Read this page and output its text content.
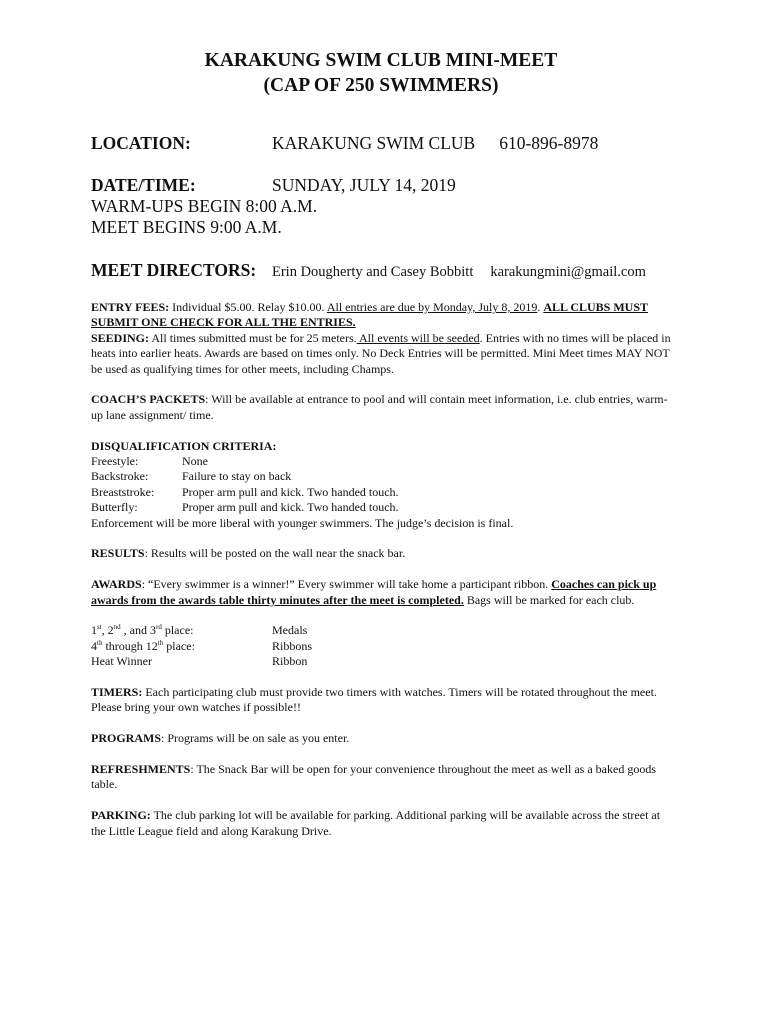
KARAKUNG SWIM CLUB MINI-MEET
(CAP OF 250 SWIMMERS)
LOCATION:	KARAKUNG SWIM CLUB 610-896-8978
DATE/TIME:	SUNDAY, JULY 14, 2019
WARM-UPS BEGIN 8:00 A.M.
MEET BEGINS 9:00 A.M.
MEET DIRECTORS:	Erin Dougherty and Casey Bobbitt karakungmini@gmail.com
ENTRY FEES: Individual $5.00. Relay $10.00. All entries are due by Monday, July 8, 2019. ALL CLUBS MUST SUBMIT ONE CHECK FOR ALL THE ENTRIES.
SEEDING: All times submitted must be for 25 meters. All events will be seeded. Entries with no times will be placed in heats into earlier heats. Awards are based on times only. No Deck Entries will be permitted. Mini Meet times MAY NOT be used as qualifying times for other meets, including Champs.
COACH’S PACKETS: Will be available at entrance to pool and will contain meet information, i.e. club entries, warm-up lane assignment/ time.
DISQUALIFICATION CRITERIA:
Freestyle:	None
Backstroke:	Failure to stay on back
Breaststroke:	Proper arm pull and kick. Two handed touch.
Butterfly:	Proper arm pull and kick. Two handed touch.
Enforcement will be more liberal with younger swimmers. The judge’s decision is final.
RESULTS: Results will be posted on the wall near the snack bar.
AWARDS: “Every swimmer is a winner!” Every swimmer will take home a participant ribbon. Coaches can pick up awards from the awards table thirty minutes after the meet is completed. Bags will be marked for each club.
1st, 2nd , and 3rd place:	Medals
4th through 12th place:	Ribbons
Heat Winner	Ribbon
TIMERS: Each participating club must provide two timers with watches. Timers will be rotated throughout the meet. Please bring your own watches if possible!!
PROGRAMS: Programs will be on sale as you enter.
REFRESHMENTS: The Snack Bar will be open for your convenience throughout the meet as well as a baked goods table.
PARKING: The club parking lot will be available for parking. Additional parking will be available across the street at the Little League field and along Karakung Drive.
